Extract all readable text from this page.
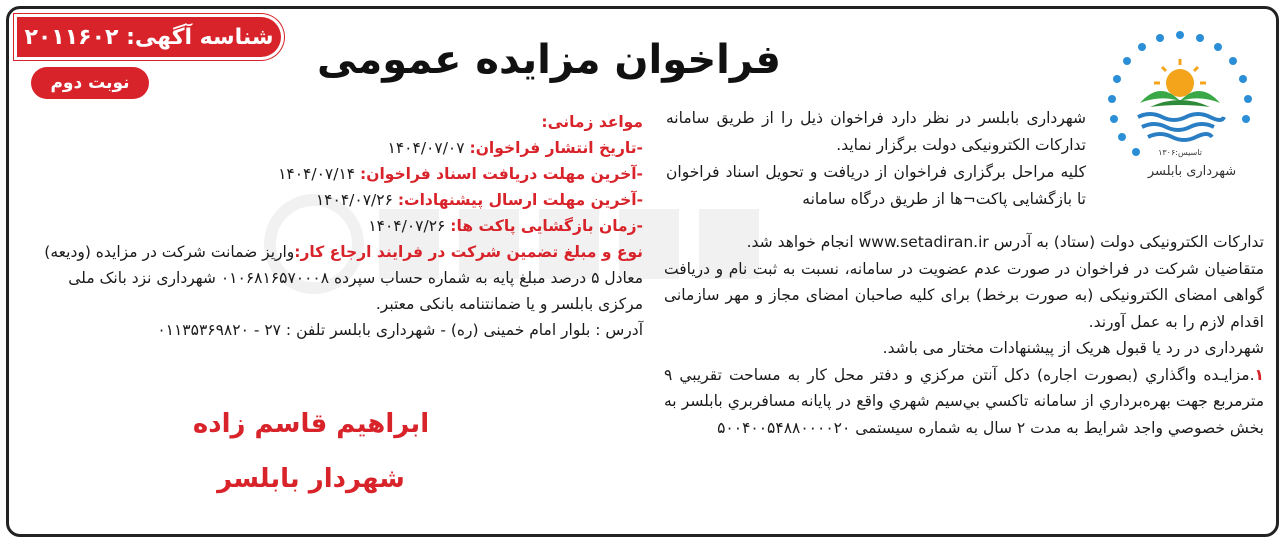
شناسه آگهی: ۲۰۱۱۶۰۲
نوبت دوم	فراخوان مزایده عمومی
تاسیس:۱۳۰۶
شهرداری بابلسر

شهرداری بابلسر در نظر دارد فراخوان ذیل را از طریق سامانه تدارکات الکترونیکی دولت برگزار نماید.

کلیه مراحل برگزاری فراخوان از دریافت و تحویل اسناد فراخوان تا بازگشایی پاکت¬ها از طریق درگاه سامانه

تدارکات الکترونیکی دولت (ستاد) به آدرس www.setadiran.ir انجام خواهد شد.

متقاضیان شرکت در فراخوان در صورت عدم عضویت در سامانه، نسبت به ثبت نام و دریافت گواهی امضای الکترونیکی (به صورت برخط) برای کلیه صاحبان امضای مجاز و مهر سازمانی اقدام لازم را به عمل آورند.

شهرداری در رد یا قبول هریک از پیشنهادات مختار می باشد.

۱.مزایـده واگذاري (بصورت اجاره) دکل آنتن مرکزي و دفتر محل کار به مساحت تقريبي ۹ مترمربع جهت بهره‌برداري از سامانه تاکسي بي‌سيم شهري واقع در پايانه مسافربري بابلسر به بخش خصوصي واجد شرايط به مدت ۲ سال به شماره سیستمی ۵۰۰۴۰۰۵۴۸۸۰۰۰۰۲۰

مواعد زمانی:

-تاریخ انتشار فراخوان: ۱۴۰۴/۰۷/۰۷

-آخرین مهلت دریافت اسناد فراخوان: ۱۴۰۴/۰۷/۱۴

-آخرین مهلت ارسال پیشنهادات: ۱۴۰۴/۰۷/۲۶

-زمان بازگشایی پاکت ها: ۱۴۰۴/۰۷/۲۶

نوع و مبلغ تضمین شرکت در فرایند ارجاع کار:واریز ضمانت شرکت در مزایده (ودیعه) معادل ۵ درصد مبلغ پایه به شماره حساب سپرده ۰۱۰۶۸۱۶۵۷۰۰۰۸ شهرداری نزد بانک ملی مرکزی بابلسر و یا ضمانتنامه بانکی معتبر.

آدرس : بلوار امام خمینی (ره) - شهرداری بابلسر تلفن : ۲۷ - ۰۱۱۳۵۳۶۹۸۲۰

ابراهیم قاسم زاده
شهردار بابلسر
